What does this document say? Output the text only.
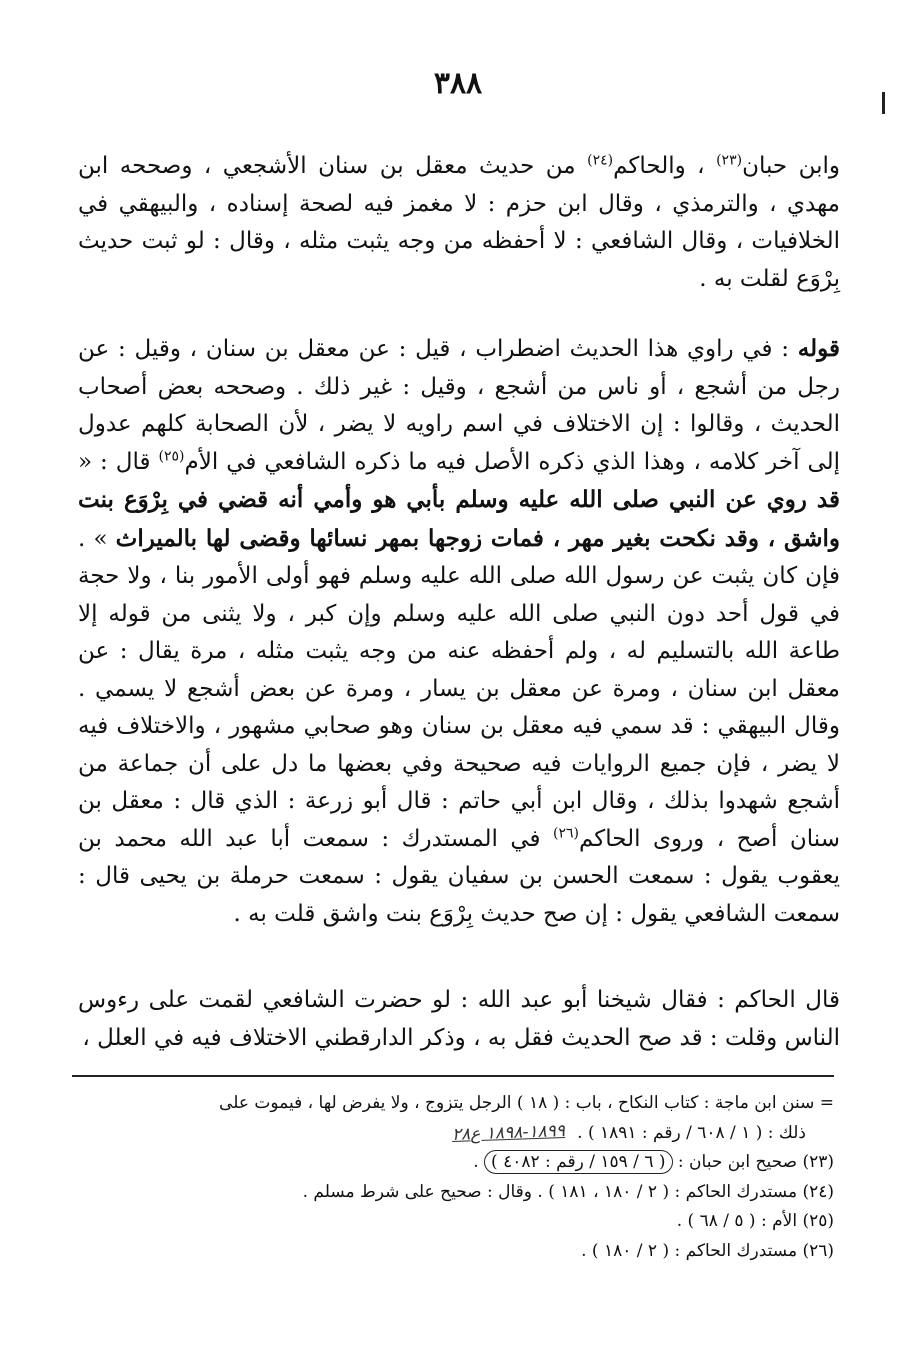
٣٨٨
وابن حبان$^{(٢٣)}$ ، والحاكم$^{(٢٤)}$ من حديث معقل بن سنان الأشجعي ، وصححه ابن مهدي ، والترمذي ، وقال ابن حزم : لا مغمز فيه لصحة إسناده ، والبيهقي في الخلافيات ، وقال الشافعي : لا أحفظه من وجه يثبت مثله ، وقال : لو ثبت حديث بِرْوَع لقلت به .
قوله : في راوي هذا الحديث اضطراب ، قيل : عن معقل بن سنان ، وقيل : عن رجل من أشجع ، أو ناس من أشجع ، وقيل : غير ذلك . وصححه بعض أصحاب الحديث ، وقالوا : إن الاختلاف في اسم راويه لا يضر ، لأن الصحابة كلهم عدول إلى آخر كلامه ، وهذا الذي ذكره الأصل فيه ما ذكره الشافعي في الأم$^{(٢٥)}$ قال : « قد روي عن النبي صلى الله عليه وسلم بأبي هو وأمي أنه قضي في بِرْوَع بنت واشق ، وقد نكحت بغير مهر ، فمات زوجها بمهر نسائها وقضى لها بالميراث » . فإن كان يثبت عن رسول الله صلى الله عليه وسلم فهو أولى الأمور بنا ، ولا حجة في قول أحد دون النبي صلى الله عليه وسلم وإن كبر ، ولا يثنى من قوله إلا طاعة الله بالتسليم له ، ولم أحفظه عنه من وجه يثبت مثله ، مرة يقال : عن معقل ابن سنان ، ومرة عن معقل بن يسار ، ومرة عن بعض أشجع لا يسمي . وقال البيهقي : قد سمي فيه معقل بن سنان وهو صحابي مشهور ، والاختلاف فيه لا يضر ، فإن جميع الروايات فيه صحيحة وفي بعضها ما دل على أن جماعة من أشجع شهدوا بذلك ، وقال ابن أبي حاتم : قال أبو زرعة : الذي قال : معقل بن سنان أصح ، وروى الحاكم$^{(٢٦)}$ في المستدرك : سمعت أبا عبد الله محمد بن يعقوب يقول : سمعت الحسن بن سفيان يقول : سمعت حرملة بن يحيى قال : سمعت الشافعي يقول : إن صح حديث بِرْوَع بنت واشق قلت به .
قال الحاكم : فقال شيخنا أبو عبد الله : لو حضرت الشافعي لقمت على رءوس الناس وقلت : قد صح الحديث فقل به ، وذكر الدارقطني الاختلاف فيه في العلل ،
= سنن ابن ماجة : كتاب النكاح ، باب : ( ١٨ ) الرجل يتزوج ، ولا يفرض لها ، فيموت على
ذلك : ( ١ / ٦٠٨ / رقم : ١٨٩١ ) .١٨٩٩-١٨٩٨ ع٢٨
(٢٣) صحيح ابن حبان : ( ٦ / ١٥٩ / رقم : ٤٠٨٢ ) .
(٢٤) مستدرك الحاكم : ( ٢ / ١٨٠ ، ١٨١ ) . وقال : صحيح على شرط مسلم .
(٢٥) الأم : ( ٥ / ٦٨ ) .
(٢٦) مستدرك الحاكم : ( ٢ / ١٨٠ ) .
